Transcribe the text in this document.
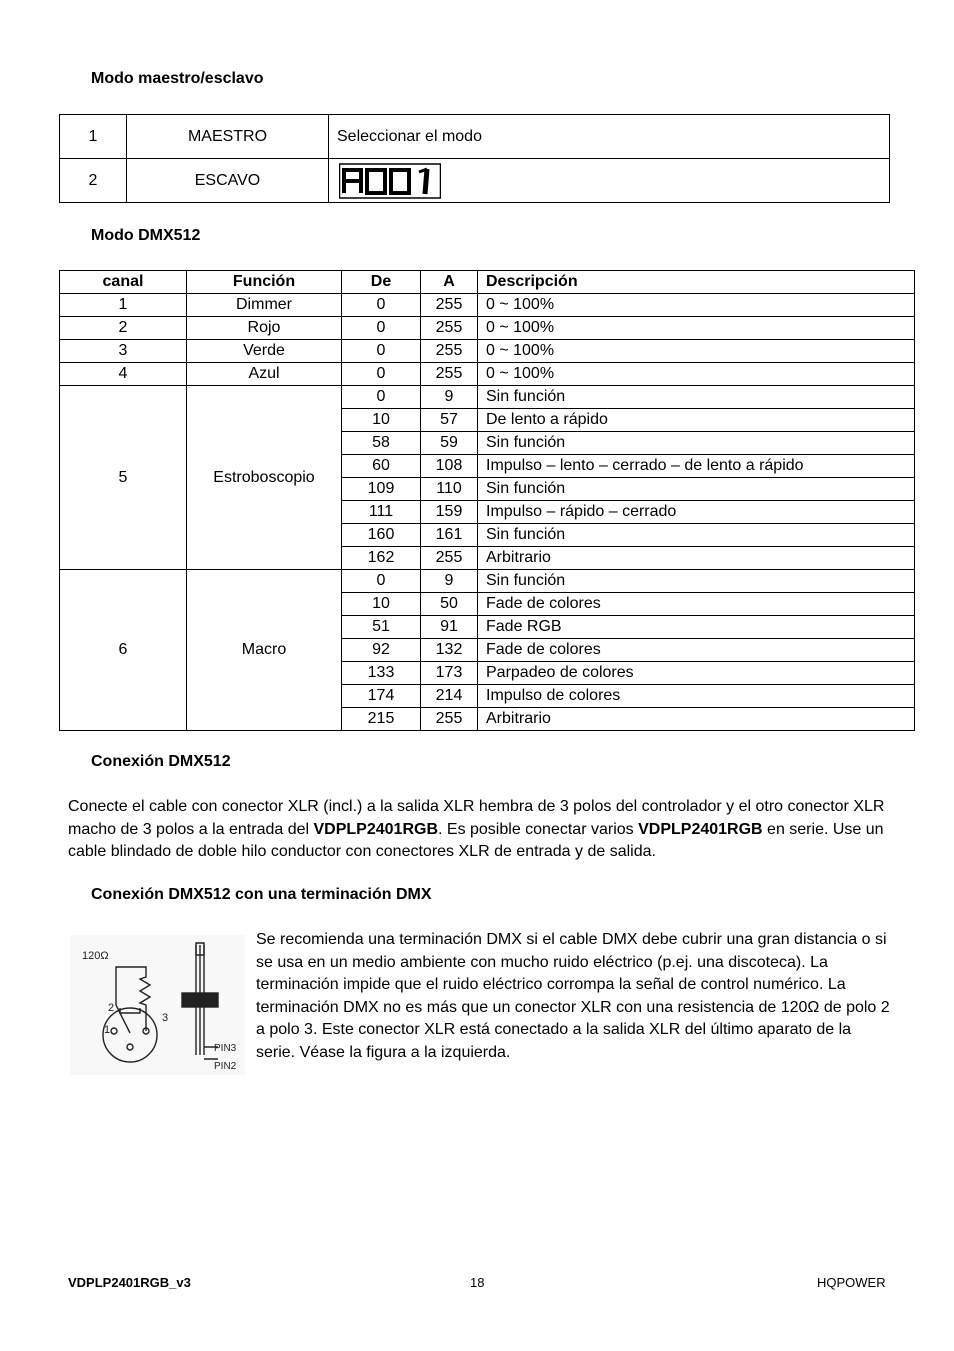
Modo maestro/esclavo
1	MAESTRO	Seleccionar el modo
2	ESCAVO	
Modo DMX512
canal	Función	De	A	Descripción
1	Dimmer	0	255	0 ~ 100%
2	Rojo	0	255	0 ~ 100%
3	Verde	0	255	0 ~ 100%
4	Azul	0	255	0 ~ 100%
5	Estroboscopio	0	9	Sin función
		10	57	De lento a rápido
		58	59	Sin función
		60	108	Impulso – lento – cerrado – de lento a rápido
		109	110	Sin función
		111	159	Impulso – rápido – cerrado
		160	161	Sin función
		162	255	Arbitrario
6	Macro	0	9	Sin función
		10	50	Fade de colores
		51	91	Fade RGB
		92	132	Fade de colores
		133	173	Parpadeo de colores
		174	214	Impulso de colores
		215	255	Arbitrario
Conexión DMX512

Conecte el cable con conector XLR (incl.) a la salida XLR hembra de 3 polos del controlador y el otro conector XLR macho de 3 polos a la entrada del VDPLP2401RGB. Es posible conectar varios VDPLP2401RGB en serie. Use un cable blindado de doble hilo conductor con conectores XLR de entrada y de salida.

Conexión DMX512 con una terminación DMX
120Ω
1
2
3
PIN3
PIN2

Se recomienda una terminación DMX si el cable DMX debe cubrir una gran distancia o si se usa en un medio ambiente con mucho ruido eléctrico (p.ej. una discoteca). La terminación impide que el ruido eléctrico corrompa la señal de control numérico. La terminación DMX no es más que un conector XLR con una resistencia de 120Ω de polo 2 a polo 3. Este conector XLR está conectado a la salida XLR del último aparato de la serie. Véase la figura a la izquierda.

VDPLP2401RGB_v3	18	HQPOWER
